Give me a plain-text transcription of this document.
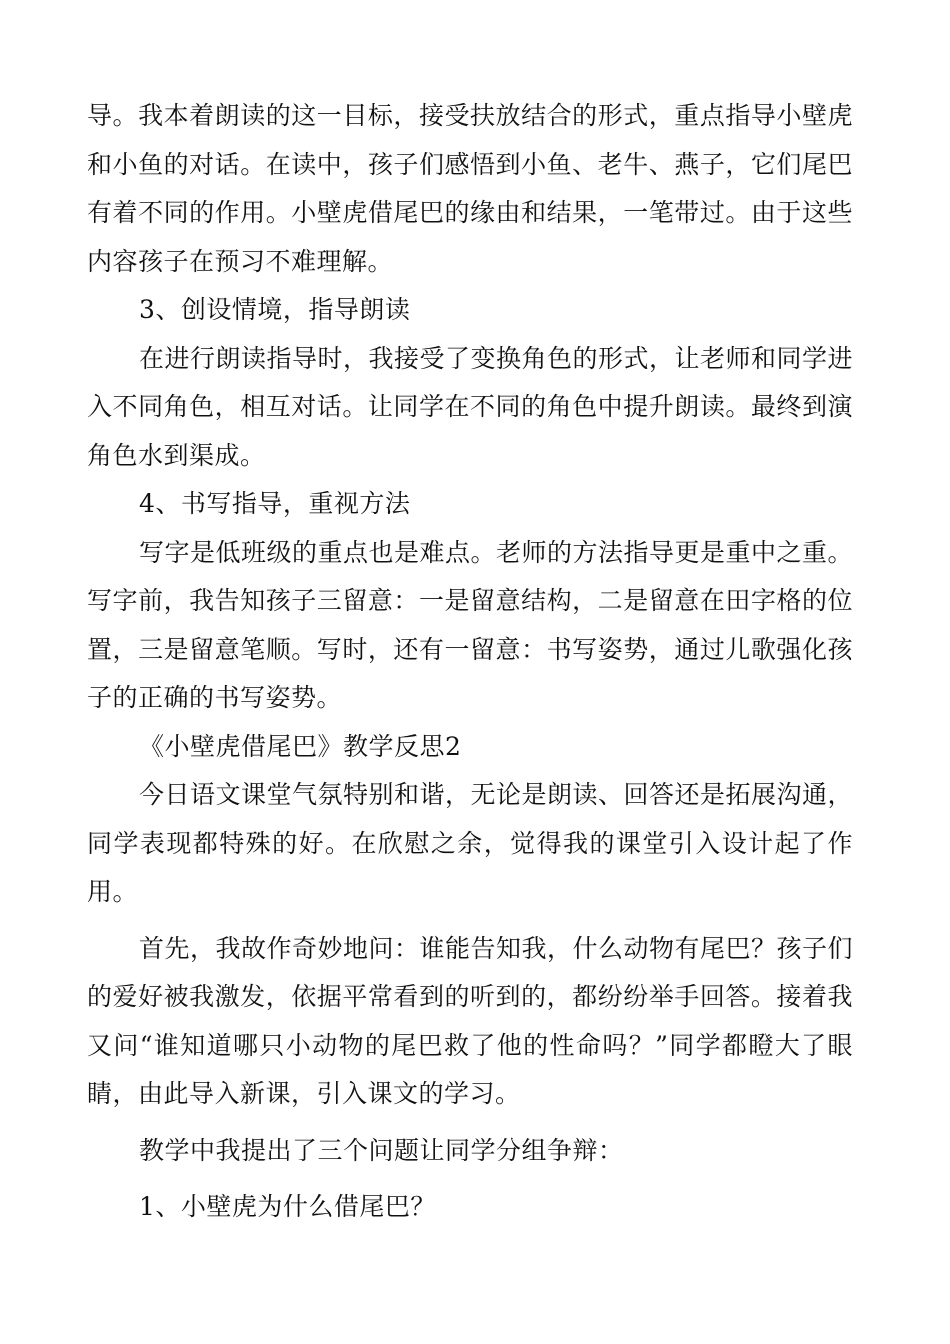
导。我本着朗读的这一目标，接受扶放结合的形式，重点指导小壁虎和小鱼的对话。在读中，孩子们感悟到小鱼、老牛、燕子，它们尾巴有着不同的作用。小壁虎借尾巴的缘由和结果，一笔带过。由于这些内容孩子在预习不难理解。

3、创设情境，指导朗读

在进行朗读指导时，我接受了变换角色的形式，让老师和同学进入不同角色，相互对话。让同学在不同的角色中提升朗读。最终到演角色水到渠成。

4、书写指导，重视方法

写字是低班级的重点也是难点。老师的方法指导更是重中之重。写字前，我告知孩子三留意：一是留意结构，二是留意在田字格的位置，三是留意笔顺。写时，还有一留意：书写姿势，通过儿歌强化孩子的正确的书写姿势。

《小壁虎借尾巴》教学反思2

今日语文课堂气氛特别和谐，无论是朗读、回答还是拓展沟通，同学表现都特殊的好。在欣慰之余，觉得我的课堂引入设计起了作用。

首先，我故作奇妙地问：谁能告知我，什么动物有尾巴？孩子们的爱好被我激发，依据平常看到的听到的，都纷纷举手回答。接着我又问“谁知道哪只小动物的尾巴救了他的性命吗？”同学都瞪大了眼睛，由此导入新课，引入课文的学习。

教学中我提出了三个问题让同学分组争辩：

1、小壁虎为什么借尾巴？
